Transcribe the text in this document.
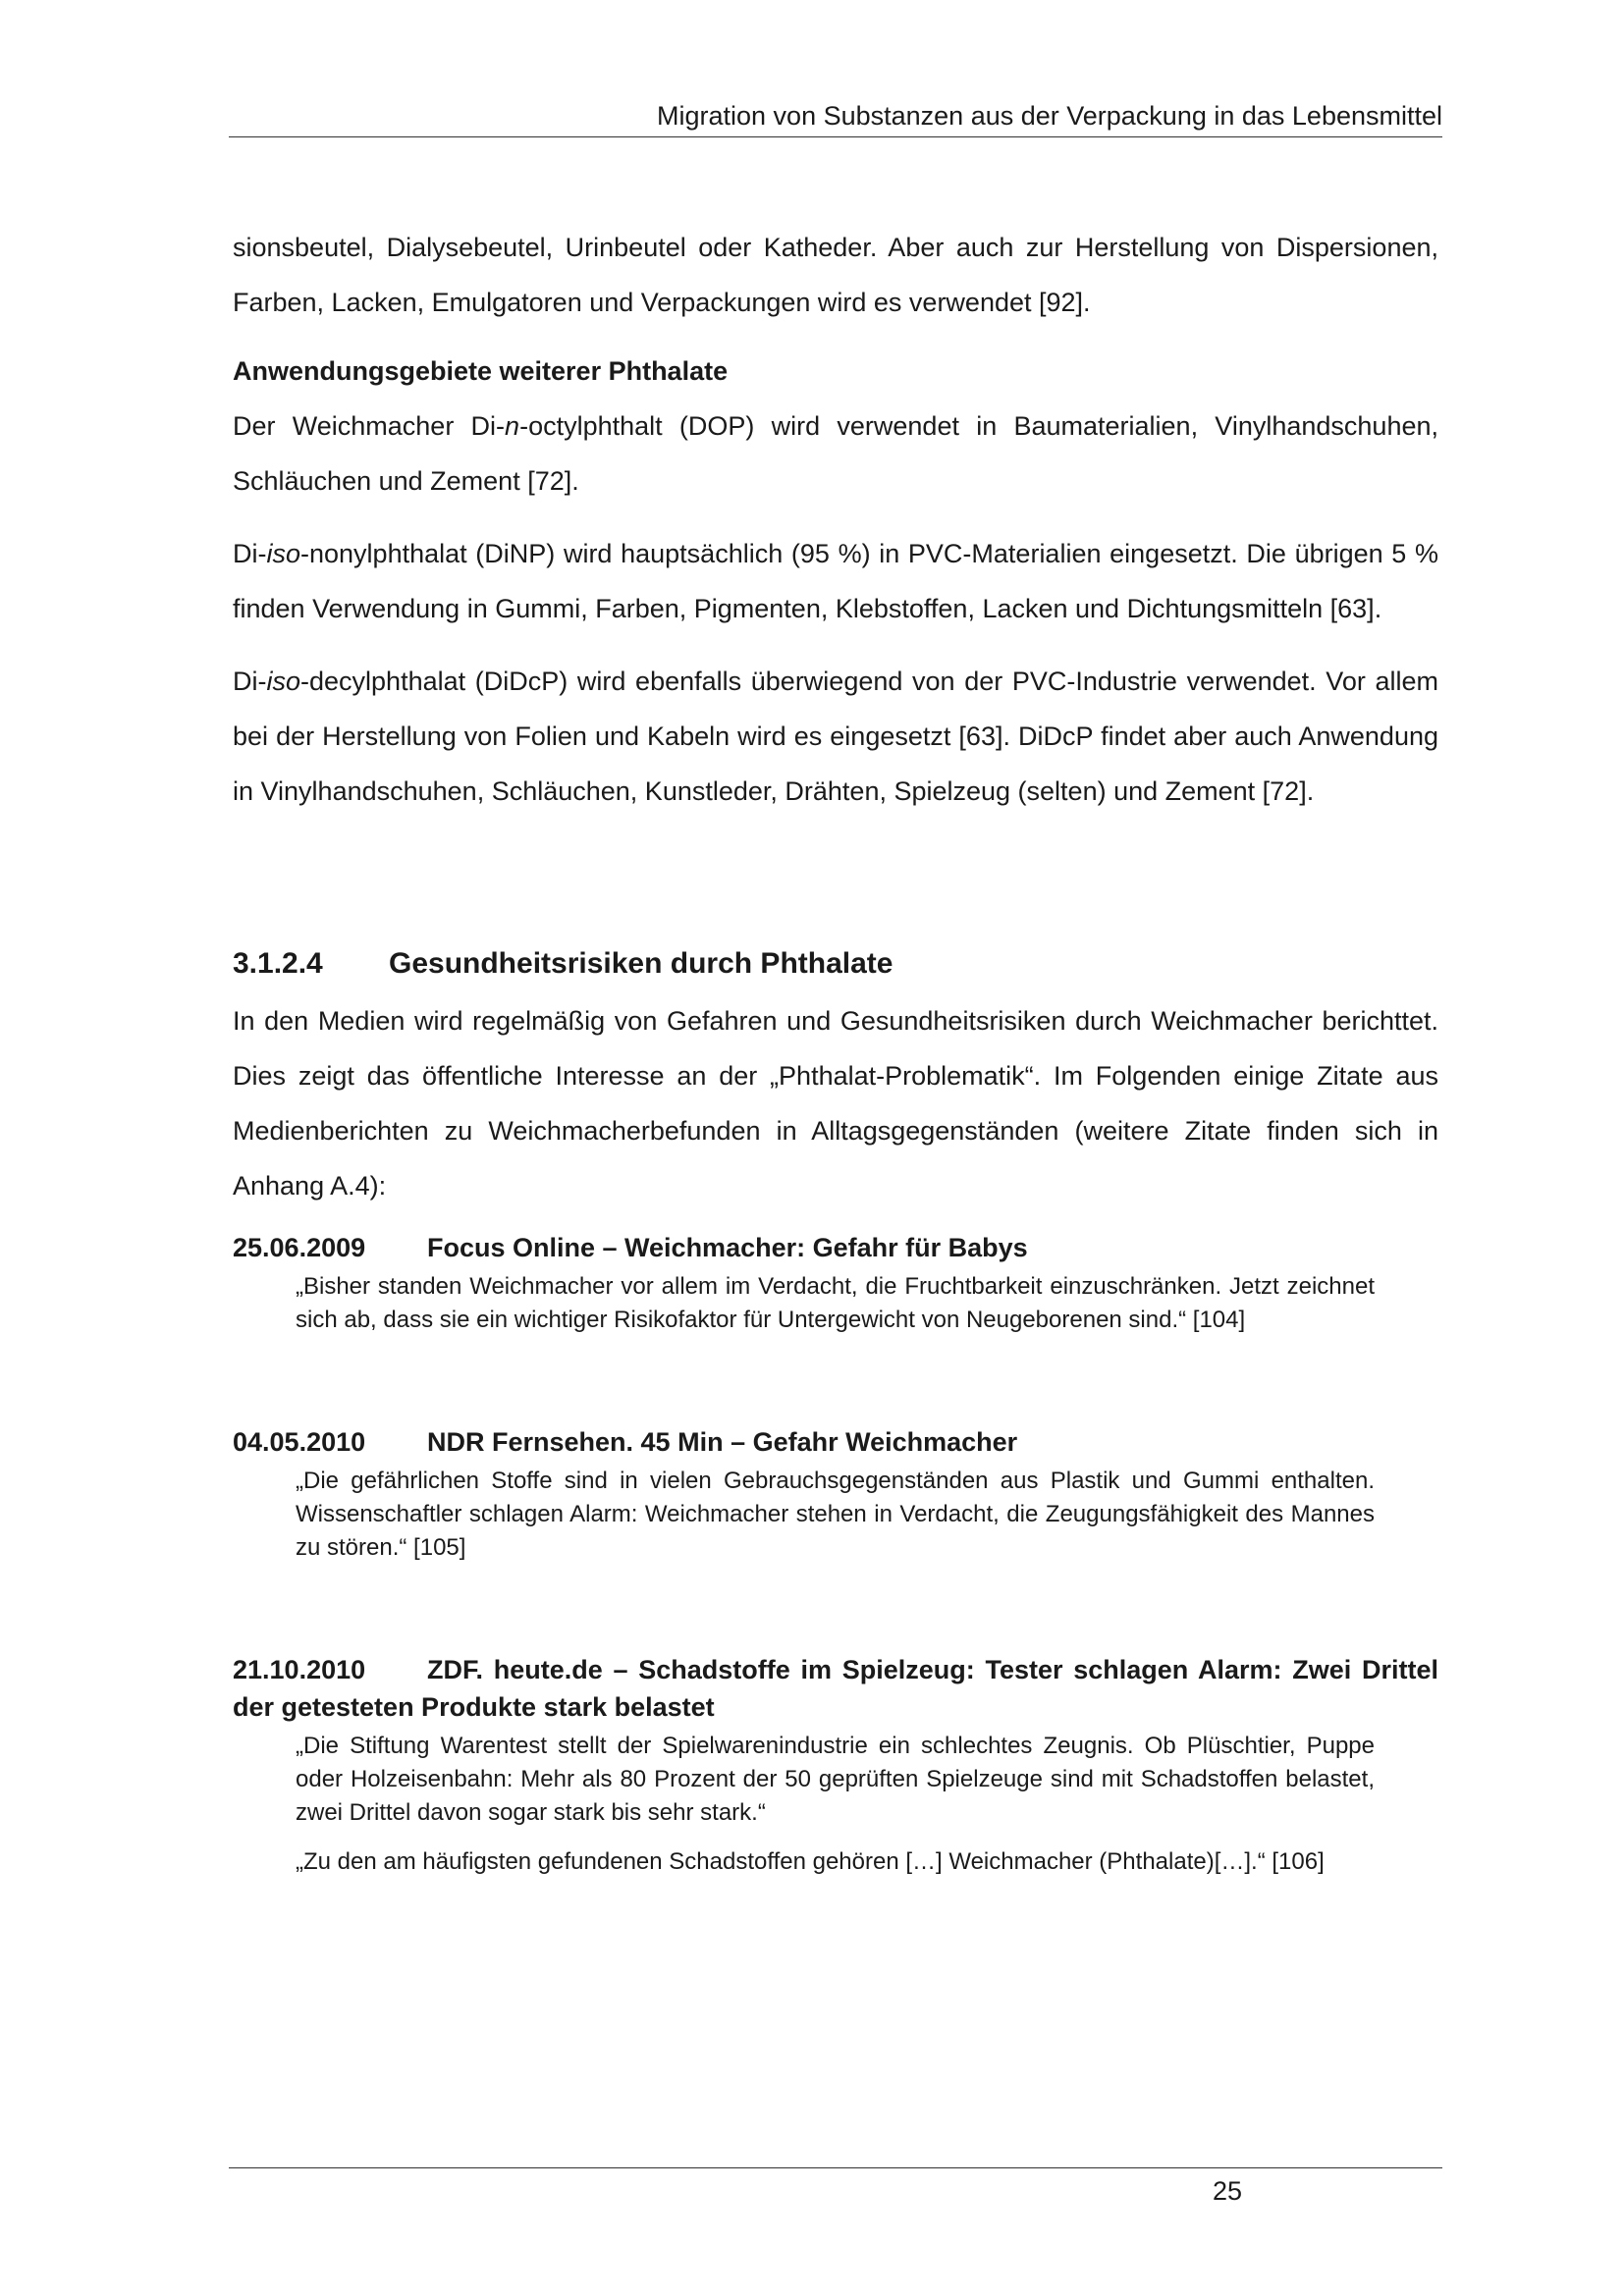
Migration von Substanzen aus der Verpackung in das Lebensmittel

sionsbeutel, Dialysebeutel, Urinbeutel oder Katheder. Aber auch zur Herstellung von Dispersionen, Farben, Lacken, Emulgatoren und Verpackungen wird es verwendet [92].

Anwendungsgebiete weiterer Phthalate

Der Weichmacher Di-n-octylphthalt (DOP) wird verwendet in Baumaterialien, Vinylhandschuhen, Schläuchen und Zement [72].

Di-iso-nonylphthalat (DiNP) wird hauptsächlich (95 %) in PVC-Materialien eingesetzt. Die übrigen 5 % finden Verwendung in Gummi, Farben, Pigmenten, Klebstoffen, Lacken und Dichtungsmitteln [63].

Di-iso-decylphthalat (DiDcP) wird ebenfalls überwiegend von der PVC-Industrie verwendet. Vor allem bei der Herstellung von Folien und Kabeln wird es eingesetzt [63]. DiDcP findet aber auch Anwendung in Vinylhandschuhen, Schläuchen, Kunstleder, Drähten, Spielzeug (selten) und Zement [72].

3.1.2.4 Gesundheitsrisiken durch Phthalate

In den Medien wird regelmäßig von Gefahren und Gesundheitsrisiken durch Weichmacher berichttet. Dies zeigt das öffentliche Interesse an der „Phthalat-Problematik“. Im Folgenden einige Zitate aus Medienberichten zu Weichmacherbefunden in Alltagsgegenständen (weitere Zitate finden sich in Anhang A.4):

25.06.2009 Focus Online – Weichmacher: Gefahr für Babys

„Bisher standen Weichmacher vor allem im Verdacht, die Fruchtbarkeit einzuschränken. Jetzt zeichnet sich ab, dass sie ein wichtiger Risikofaktor für Untergewicht von Neugeborenen sind.“ [104]

04.05.2010 NDR Fernsehen. 45 Min – Gefahr Weichmacher

„Die gefährlichen Stoffe sind in vielen Gebrauchsgegenständen aus Plastik und Gummi enthalten. Wissenschaftler schlagen Alarm: Weichmacher stehen in Verdacht, die Zeugungsfähigkeit des Mannes zu stören.“ [105]

21.10.2010 ZDF. heute.de – Schadstoffe im Spielzeug: Tester schlagen Alarm: Zwei Drittel der getesteten Produkte stark belastet

„Die Stiftung Warentest stellt der Spielwarenindustrie ein schlechtes Zeugnis. Ob Plüschtier, Puppe oder Holzeisenbahn: Mehr als 80 Prozent der 50 geprüften Spielzeuge sind mit Schadstoffen belastet, zwei Drittel davon sogar stark bis sehr stark.“

„Zu den am häufigsten gefundenen Schadstoffen gehören […] Weichmacher (Phthalate)[…].“ [106]

25
